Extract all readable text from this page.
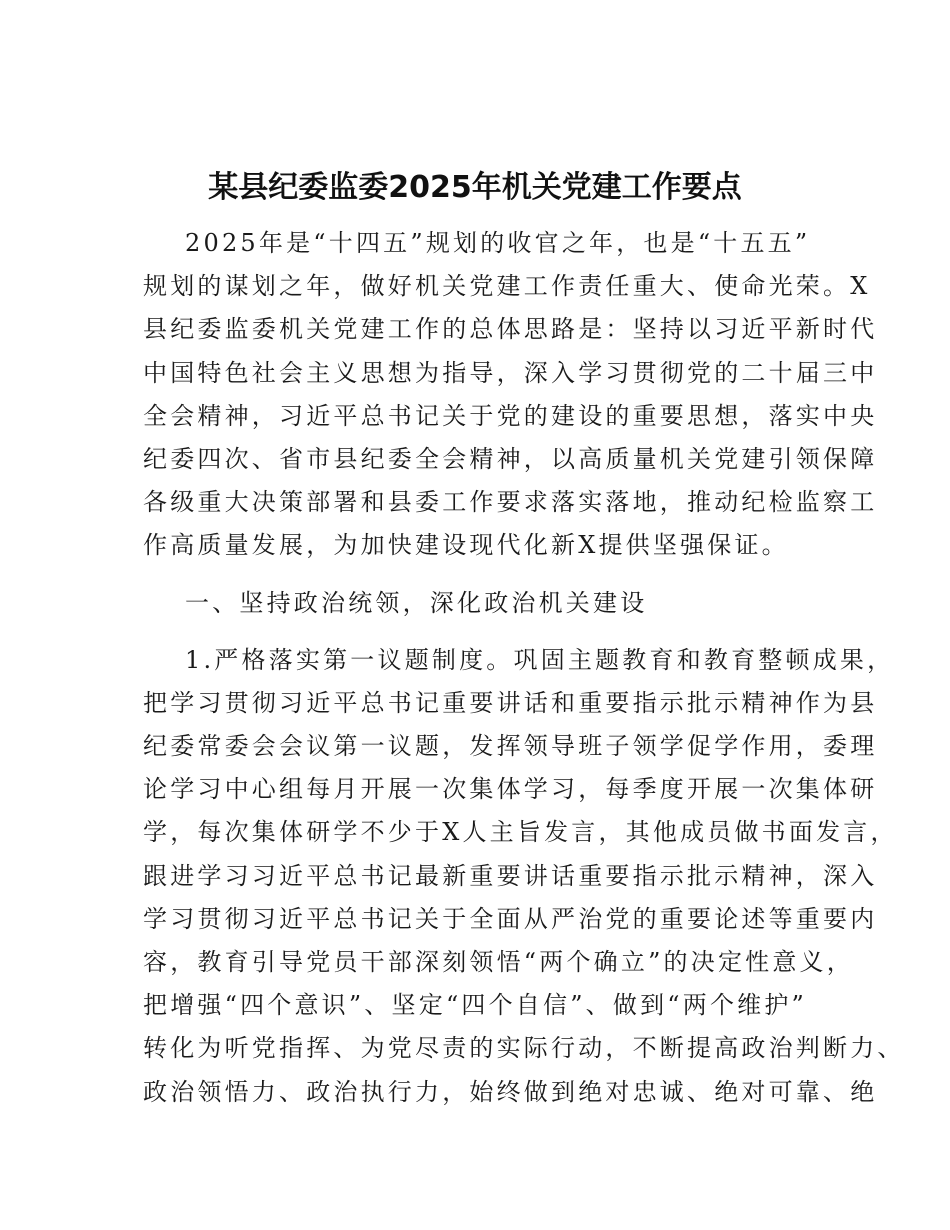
某县纪委监委2025年机关党建工作要点
2025年是“十四五”规划的收官之年，也是“十五五”
规划的谋划之年，做好机关党建工作责任重大、使命光荣。X
县纪委监委机关党建工作的总体思路是：坚持以习近平新时代
中国特色社会主义思想为指导，深入学习贯彻党的二十届三中
全会精神，习近平总书记关于党的建设的重要思想，落实中央
纪委四次、省市县纪委全会精神，以高质量机关党建引领保障
各级重大决策部署和县委工作要求落实落地，推动纪检监察工
作高质量发展，为加快建设现代化新X提供坚强保证。
一、坚持政治统领，深化政治机关建设
1.严格落实第一议题制度。巩固主题教育和教育整顿成果，
把学习贯彻习近平总书记重要讲话和重要指示批示精神作为县
纪委常委会会议第一议题，发挥领导班子领学促学作用，委理
论学习中心组每月开展一次集体学习，每季度开展一次集体研
学，每次集体研学不少于X人主旨发言，其他成员做书面发言，
跟进学习习近平总书记最新重要讲话重要指示批示精神，深入
学习贯彻习近平总书记关于全面从严治党的重要论述等重要内
容，教育引导党员干部深刻领悟“两个确立”的决定性意义，
把增强“四个意识”、坚定“四个自信”、做到“两个维护”
转化为听党指挥、为党尽责的实际行动，不断提高政治判断力、
政治领悟力、政治执行力，始终做到绝对忠诚、绝对可靠、绝
